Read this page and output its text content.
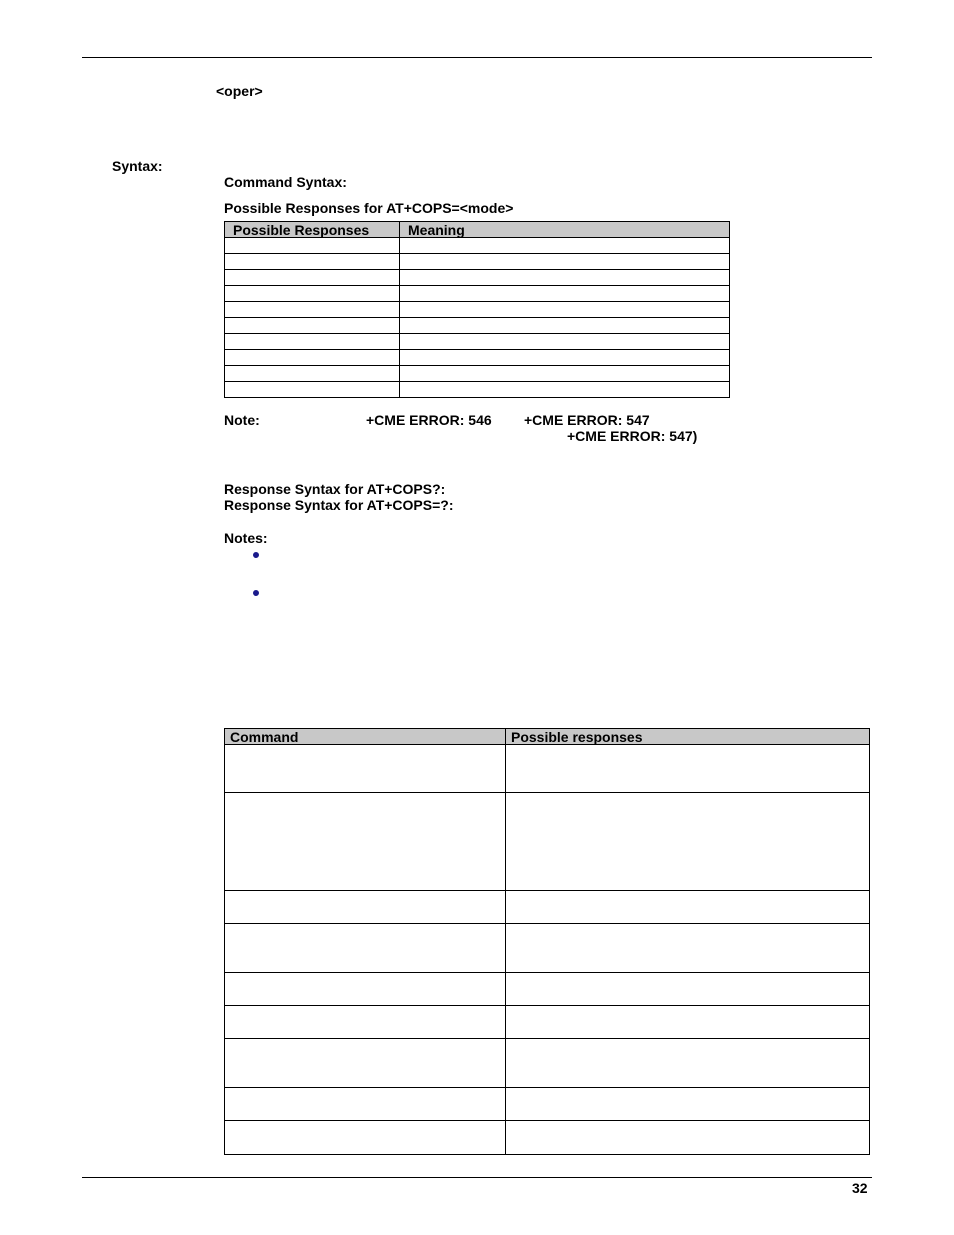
<oper>
Syntax:
Command Syntax:
Possible Responses for AT+COPS=<mode>
Possible Responses	Meaning

Note:	+CME ERROR: 546 +CME ERROR: 547
+CME ERROR: 547)
Response Syntax for AT+COPS?:
Response Syntax for AT+COPS=?:
Notes:
Command	Possible responses

32
